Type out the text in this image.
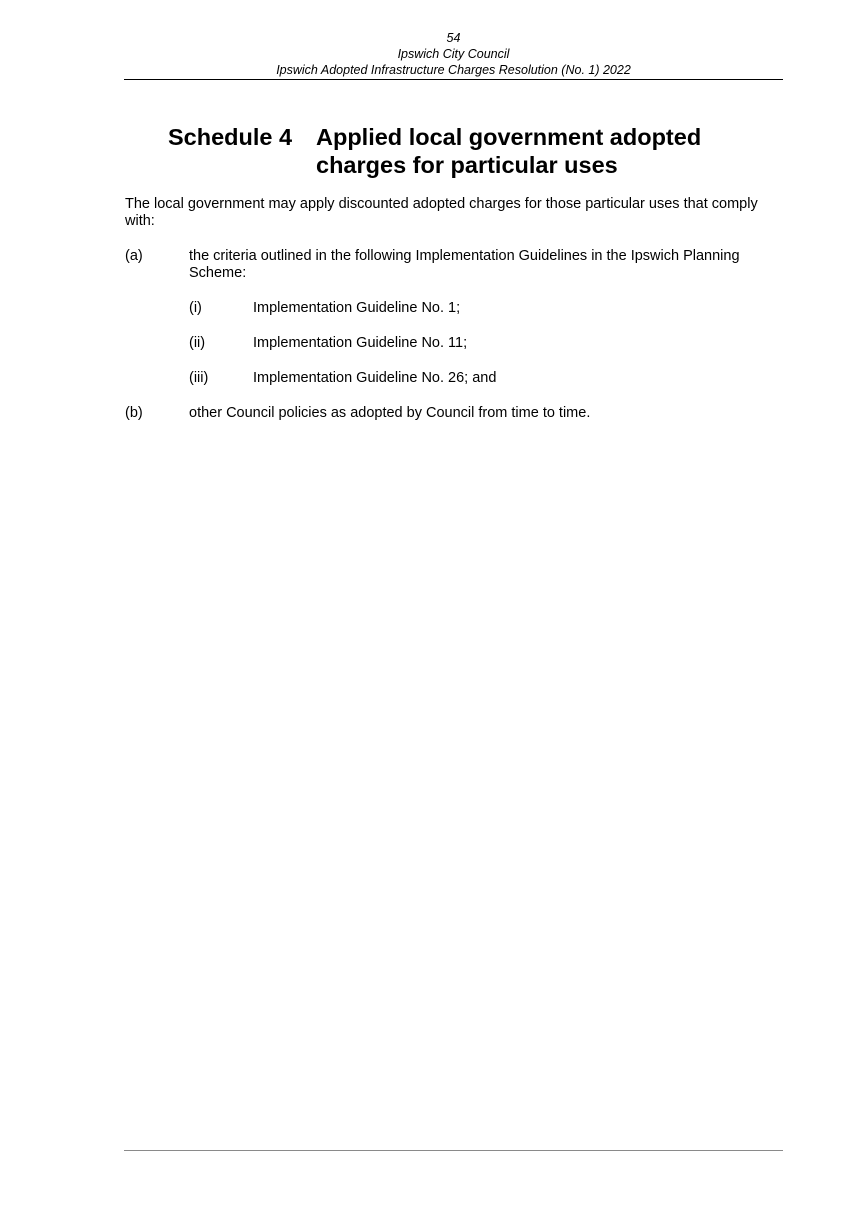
54
Ipswich City Council
Ipswich Adopted Infrastructure Charges Resolution (No. 1) 2022
Schedule 4 Applied local government adopted charges for particular uses
The local government may apply discounted adopted charges for those particular uses that comply with:
(a)	the criteria outlined in the following Implementation Guidelines in the Ipswich Planning Scheme:
(i)	Implementation Guideline No. 1;
(ii)	Implementation Guideline No. 11;
(iii)	Implementation Guideline No. 26; and
(b)	other Council policies as adopted by Council from time to time.
